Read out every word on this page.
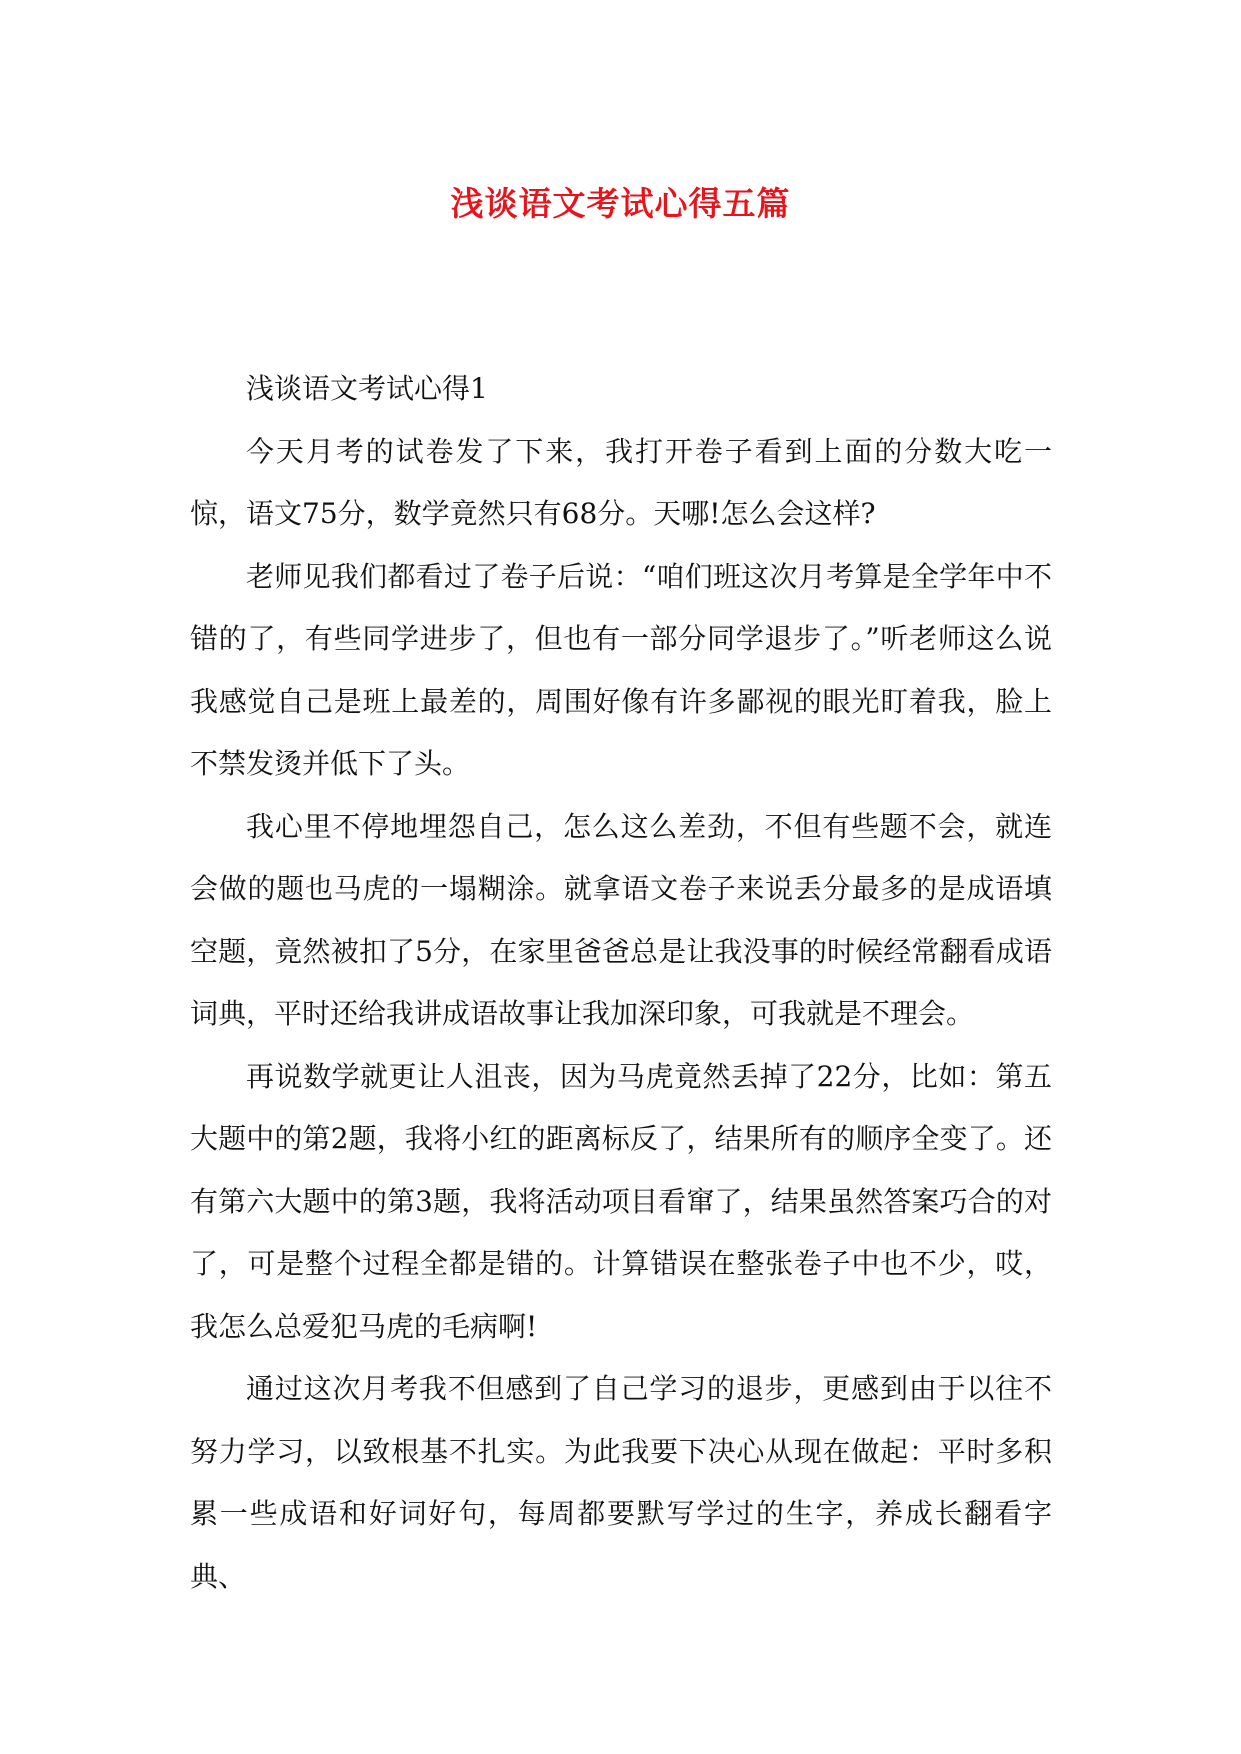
浅谈语文考试心得五篇

浅谈语文考试心得1

今天月考的试卷发了下来，我打开卷子看到上面的分数大吃一惊，语文75分，数学竟然只有68分。天哪!怎么会这样?

老师见我们都看过了卷子后说：“咱们班这次月考算是全学年中不错的了，有些同学进步了，但也有一部分同学退步了。”听老师这么说我感觉自己是班上最差的，周围好像有许多鄙视的眼光盯着我，脸上不禁发烫并低下了头。

我心里不停地埋怨自己，怎么这么差劲，不但有些题不会，就连会做的题也马虎的一塌糊涂。就拿语文卷子来说丢分最多的是成语填空题，竟然被扣了5分，在家里爸爸总是让我没事的时候经常翻看成语词典，平时还给我讲成语故事让我加深印象，可我就是不理会。

再说数学就更让人沮丧，因为马虎竟然丢掉了22分，比如：第五大题中的第2题，我将小红的距离标反了，结果所有的顺序全变了。还有第六大题中的第3题，我将活动项目看窜了，结果虽然答案巧合的对了，可是整个过程全都是错的。计算错误在整张卷子中也不少，哎，我怎么总爱犯马虎的毛病啊!

通过这次月考我不但感到了自己学习的退步，更感到由于以往不努力学习，以致根基不扎实。为此我要下决心从现在做起：平时多积累一些成语和好词好句，每周都要默写学过的生字，养成长翻看字典、
